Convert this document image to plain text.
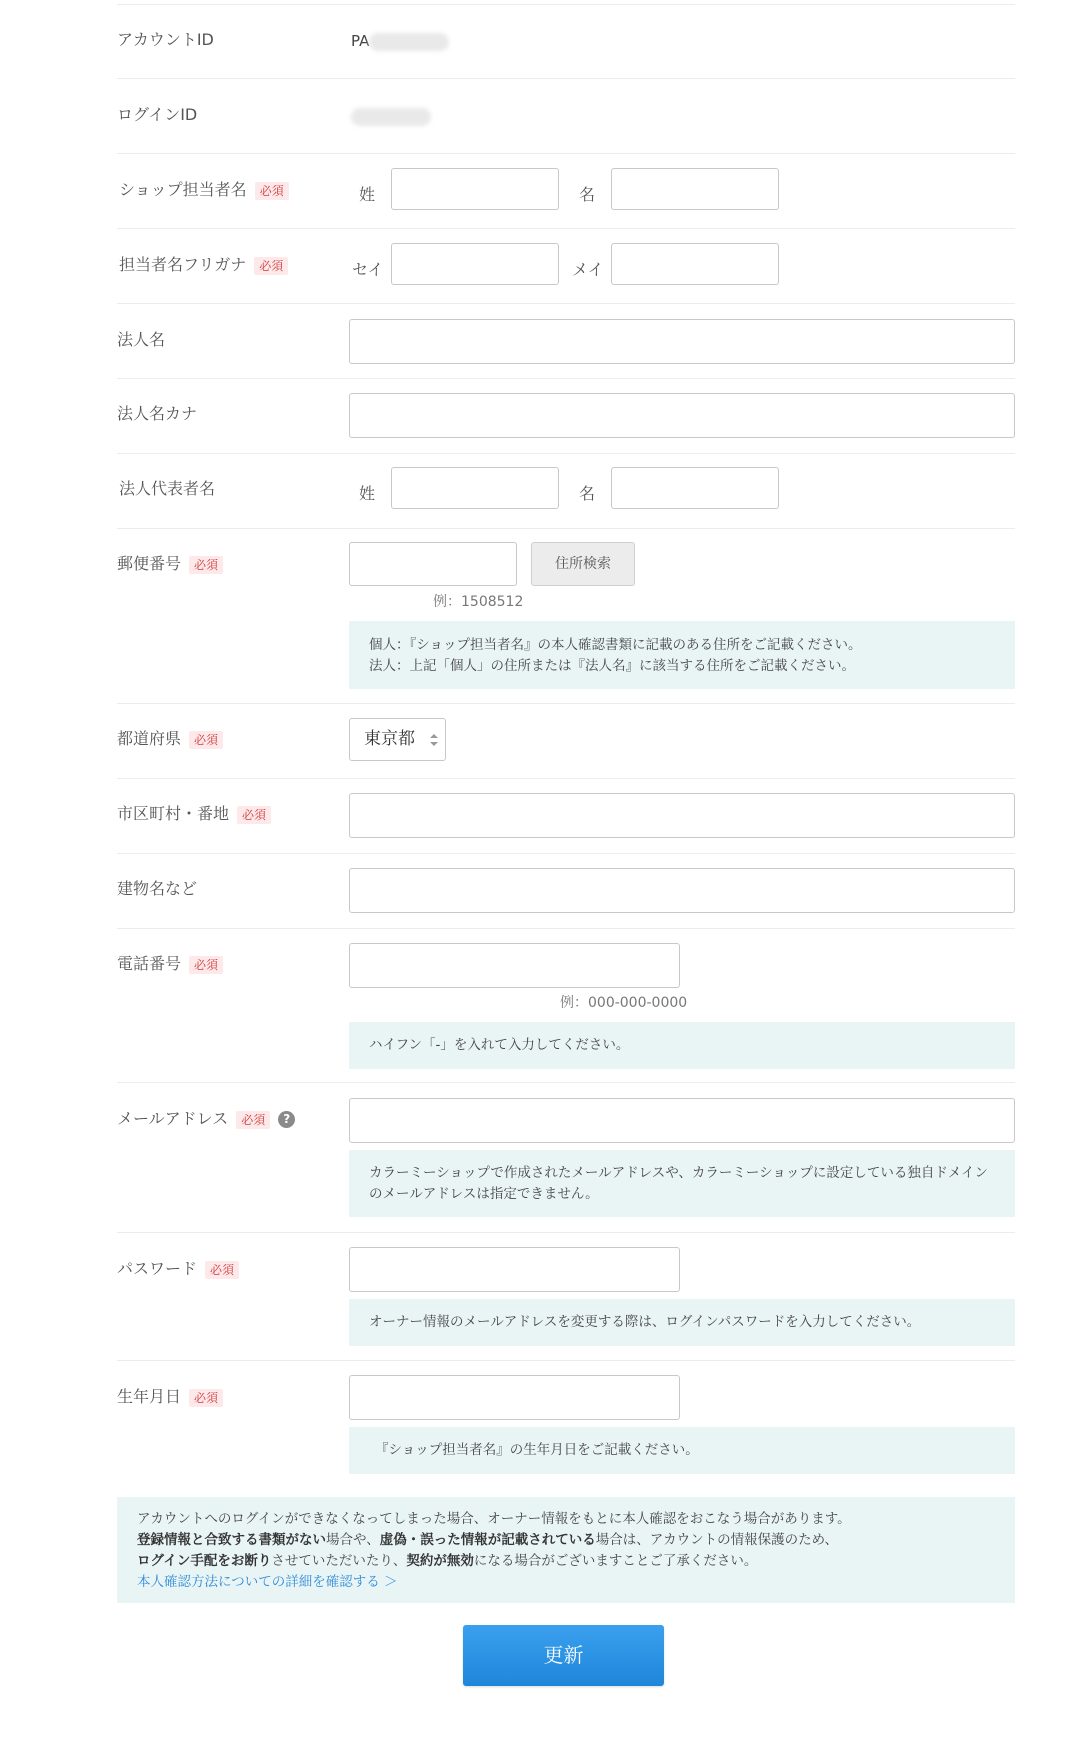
アカウントID	PA
ログインID
ショップ担当者名 必須	姓	名
担当者名フリガナ 必須	セイ	メイ
法人名
法人名カナ
法人代表者名	姓	名
郵便番号 必須	住所検索
例：1508512
個人：『ショップ担当者名』の本人確認書類に記載のある住所をご記載ください。
法人：上記「個人」の住所または『法人名』に該当する住所をご記載ください。
都道府県 必須	東京都
市区町村・番地 必須
建物名など
電話番号 必須
例：000-000-0000
ハイフン「-」を入れて入力してください。
メールアドレス 必須 ?
カラーミーショップで作成されたメールアドレスや、カラーミーショップに設定している独自ドメイン
のメールアドレスは指定できません。
パスワード 必須
オーナー情報のメールアドレスを変更する際は、ログインパスワードを入力してください。
生年月日 必須
『ショップ担当者名』の生年月日をご記載ください。
アカウントへのログインができなくなってしまった場合、オーナー情報をもとに本人確認をおこなう場合があります。
登録情報と合致する書類がない場合や、虚偽・誤った情報が記載されている場合は、アカウントの情報保護のため、
ログイン手配をお断りさせていただいたり、契約が無効になる場合がございますことご了承ください。
本人確認方法についての詳細を確認する ＞
更新
